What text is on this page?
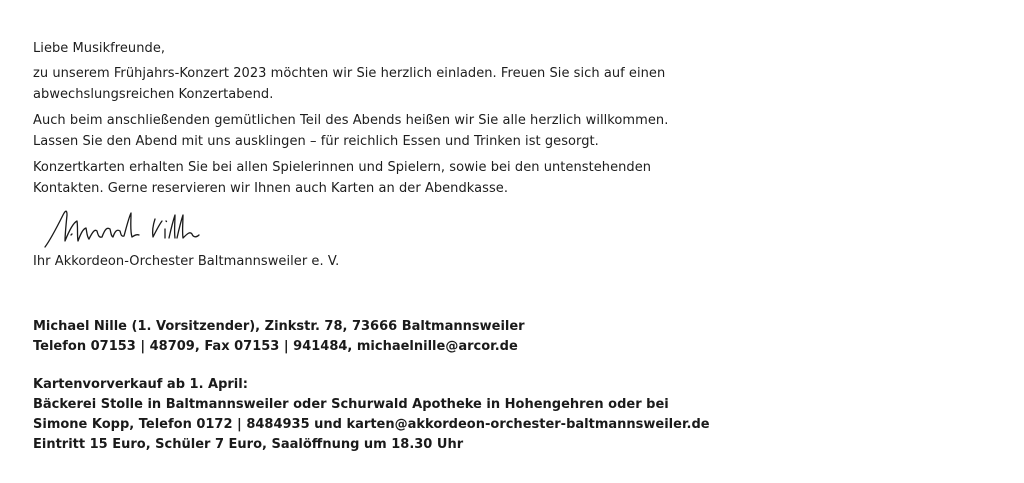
Liebe Musikfreunde,

zu unserem Frühjahrs-Konzert 2023 möchten wir Sie herzlich einladen. Freuen Sie sich auf einen

abwechslungsreichen Konzertabend.

Auch beim anschließenden gemütlichen Teil des Abends heißen wir Sie alle herzlich willkommen.

Lassen Sie den Abend mit uns ausklingen – für reichlich Essen und Trinken ist gesorgt.

Konzertkarten erhalten Sie bei allen Spielerinnen und Spielern, sowie bei den untenstehenden

Kontakten. Gerne reservieren wir Ihnen auch Karten an der Abendkasse.

Ihr Akkordeon-Orchester Baltmannsweiler e. V.

Michael Nille (1. Vorsitzender), Zinkstr. 78, 73666 Baltmannsweiler

Telefon 07153 | 48709, Fax 07153 | 941484, michaelnille@arcor.de

Kartenvorverkauf ab 1. April:

Bäckerei Stolle in Baltmannsweiler oder Schurwald Apotheke in Hohengehren oder bei

Simone Kopp, Telefon 0172 | 8484935 und karten@akkordeon-orchester-baltmannsweiler.de

Eintritt 15 Euro, Schüler 7 Euro, Saalöffnung um 18.30 Uhr
